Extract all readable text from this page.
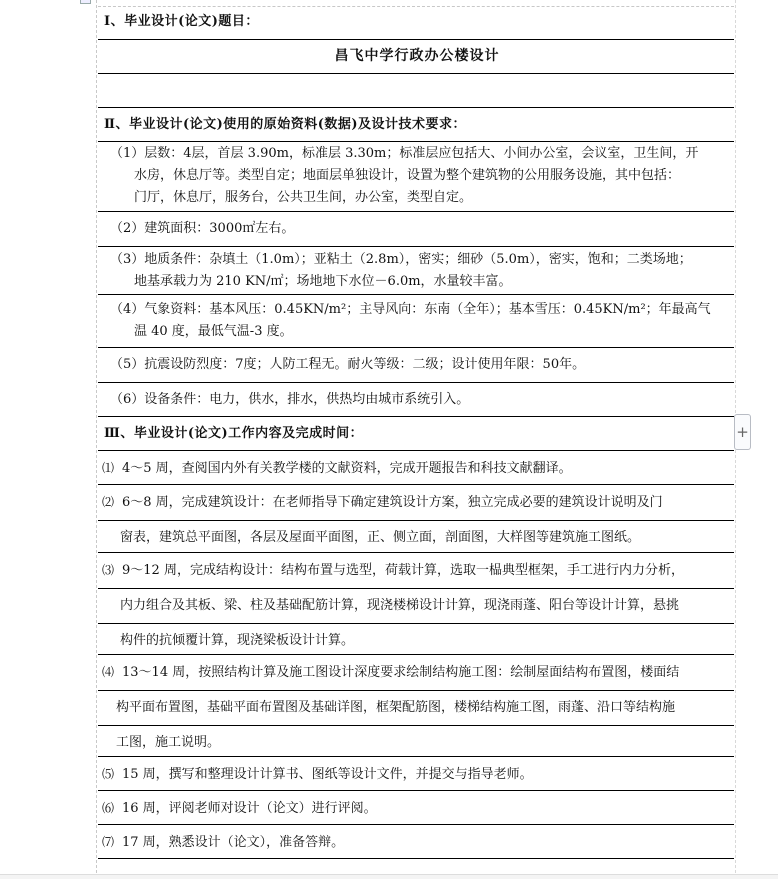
Ⅰ、毕业设计(论文)题目：
昌飞中学行政办公楼设计
Ⅱ、毕业设计(论文)使用的原始资料(数据)及设计技术要求：
（1）层数：4层，首层 3.90m，标准层 3.30m；标准层应包括大、小间办公室，会议室，卫生间，开
水房，休息厅等。类型自定；地面层单独设计，设置为整个建筑物的公用服务设施，其中包括：
门厅，休息厅，服务台，公共卫生间，办公室，类型自定。
（2）建筑面积：3000㎡左右。
（3）地质条件：杂填土（1.0m）；亚粘土（2.8m），密实；细砂（5.0m），密实，饱和；二类场地；
地基承载力为 210 KN/㎡；场地地下水位－6.0m，水量较丰富。
（4）气象资料：基本风压：0.45KN/m²；主导风向：东南（全年）；基本雪压：0.45KN/m²；年最高气
温 40 度，最低气温-3 度。
（5）抗震设防烈度：7度；人防工程无。耐火等级：二级；设计使用年限：50年。
（6）设备条件：电力，供水，排水，供热均由城市系统引入。
Ⅲ、毕业设计(论文)工作内容及完成时间：
⑴ 4～5 周，查阅国内外有关教学楼的文献资料，完成开题报告和科技文献翻译。
⑵ 6～8 周，完成建筑设计：在老师指导下确定建筑设计方案，独立完成必要的建筑设计说明及门
窗表，建筑总平面图，各层及屋面平面图，正、侧立面，剖面图，大样图等建筑施工图纸。
⑶ 9～12 周，完成结构设计：结构布置与选型，荷载计算，选取一榀典型框架，手工进行内力分析，
内力组合及其板、梁、柱及基础配筋计算，现浇楼梯设计计算，现浇雨蓬、阳台等设计计算，悬挑
构件的抗倾覆计算，现浇梁板设计计算。
⑷ 13～14 周，按照结构计算及施工图设计深度要求绘制结构施工图：绘制屋面结构布置图，楼面结
构平面布置图，基础平面布置图及基础详图，框架配筋图，楼梯结构施工图，雨蓬、沿口等结构施
工图，施工说明。
⑸ 15 周，撰写和整理设计计算书、图纸等设计文件，并提交与指导老师。
⑹ 16 周，评阅老师对设计（论文）进行评阅。
⑺ 17 周，熟悉设计（论文），准备答辩。
+
